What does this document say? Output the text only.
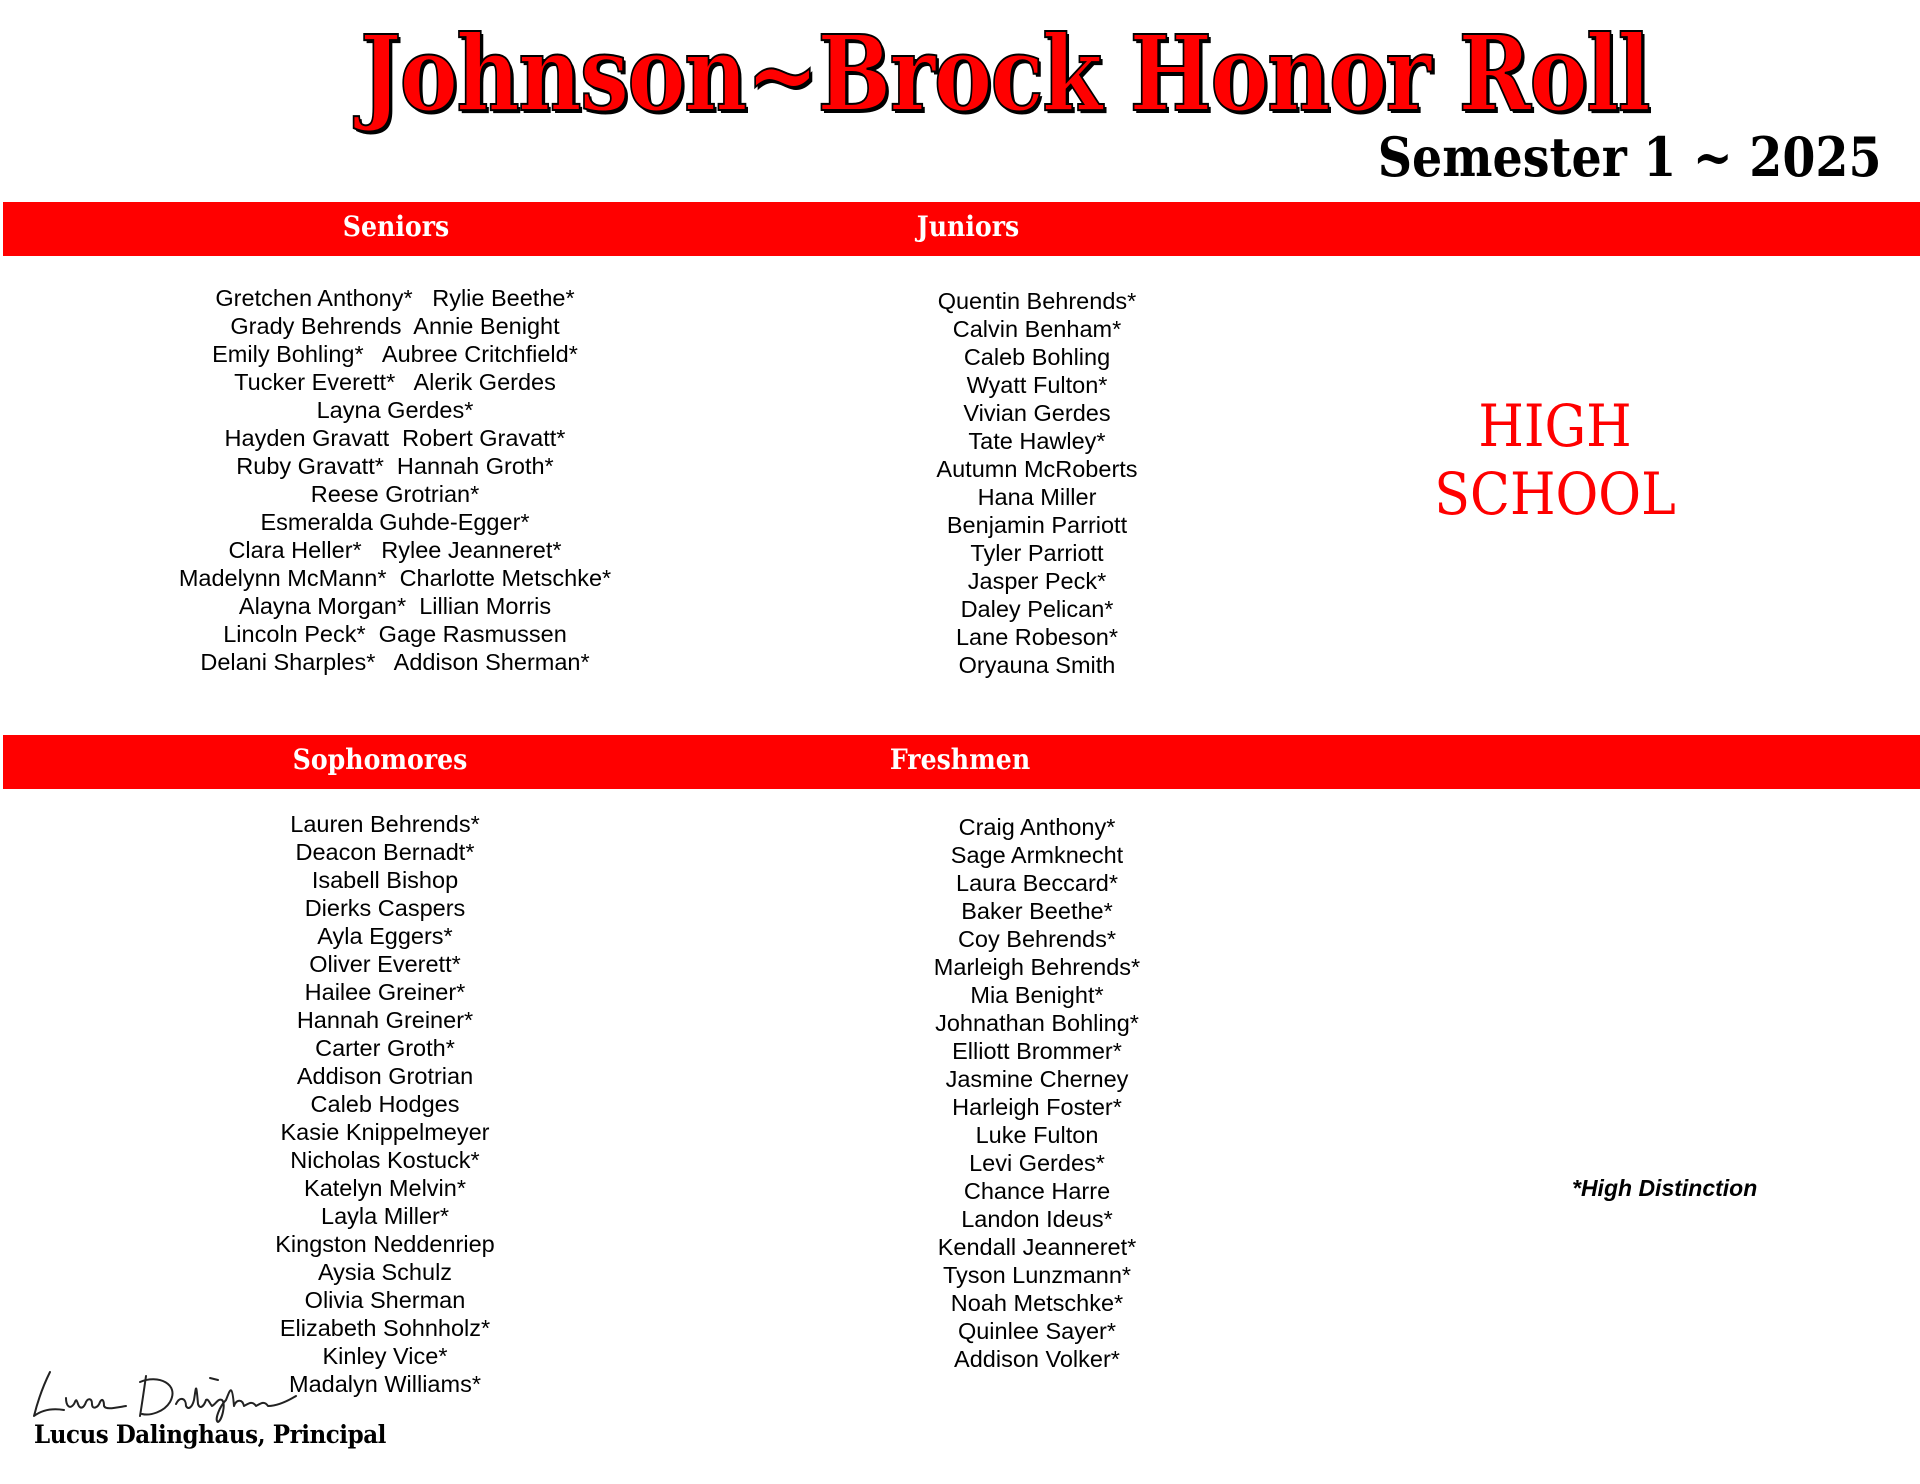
Johnson~Brock Honor Roll
Semester 1 ~ 2025
Seniors	Juniors
Gretchen Anthony*   Rylie Beethe*
Grady Behrends  Annie Benight
Emily Bohling*   Aubree Critchfield*
Tucker Everett*   Alerik Gerdes
Layna Gerdes*
Hayden Gravatt  Robert Gravatt*
Ruby Gravatt*  Hannah Groth*
Reese Grotrian*
Esmeralda Guhde-Egger*
Clara Heller*   Rylee Jeanneret*
Madelynn McMann*  Charlotte Metschke*
Alayna Morgan*  Lillian Morris
Lincoln Peck*  Gage Rasmussen
Delani Sharples*   Addison Sherman*
Quentin Behrends*
Calvin Benham*
Caleb Bohling
Wyatt Fulton*
Vivian Gerdes
Tate Hawley*
Autumn McRoberts
Hana Miller
Benjamin Parriott
Tyler Parriott
Jasper Peck*
Daley Pelican*
Lane Robeson*
Oryauna Smith
HIGH
SCHOOL
Sophomores	Freshmen
Lauren Behrends*
Deacon Bernadt*
Isabell Bishop
Dierks Caspers
Ayla Eggers*
Oliver Everett*
Hailee Greiner*
Hannah Greiner*
Carter Groth*
Addison Grotrian
Caleb Hodges
Kasie Knippelmeyer
Nicholas Kostuck*
Katelyn Melvin*
Layla Miller*
Kingston Neddenriep
Aysia Schulz
Olivia Sherman
Elizabeth Sohnholz*
Kinley Vice*
Madalyn Williams*
Craig Anthony*
Sage Armknecht
Laura Beccard*
Baker Beethe*
Coy Behrends*
Marleigh Behrends*
Mia Benight*
Johnathan Bohling*
Elliott Brommer*
Jasmine Cherney
Harleigh Foster*
Luke Fulton
Levi Gerdes*
Chance Harre
Landon Ideus*
Kendall Jeanneret*
Tyson Lunzmann*
Noah Metschke*
Quinlee Sayer*
Addison Volker*
*High Distinction
Lucus Dalinghaus, Principal
